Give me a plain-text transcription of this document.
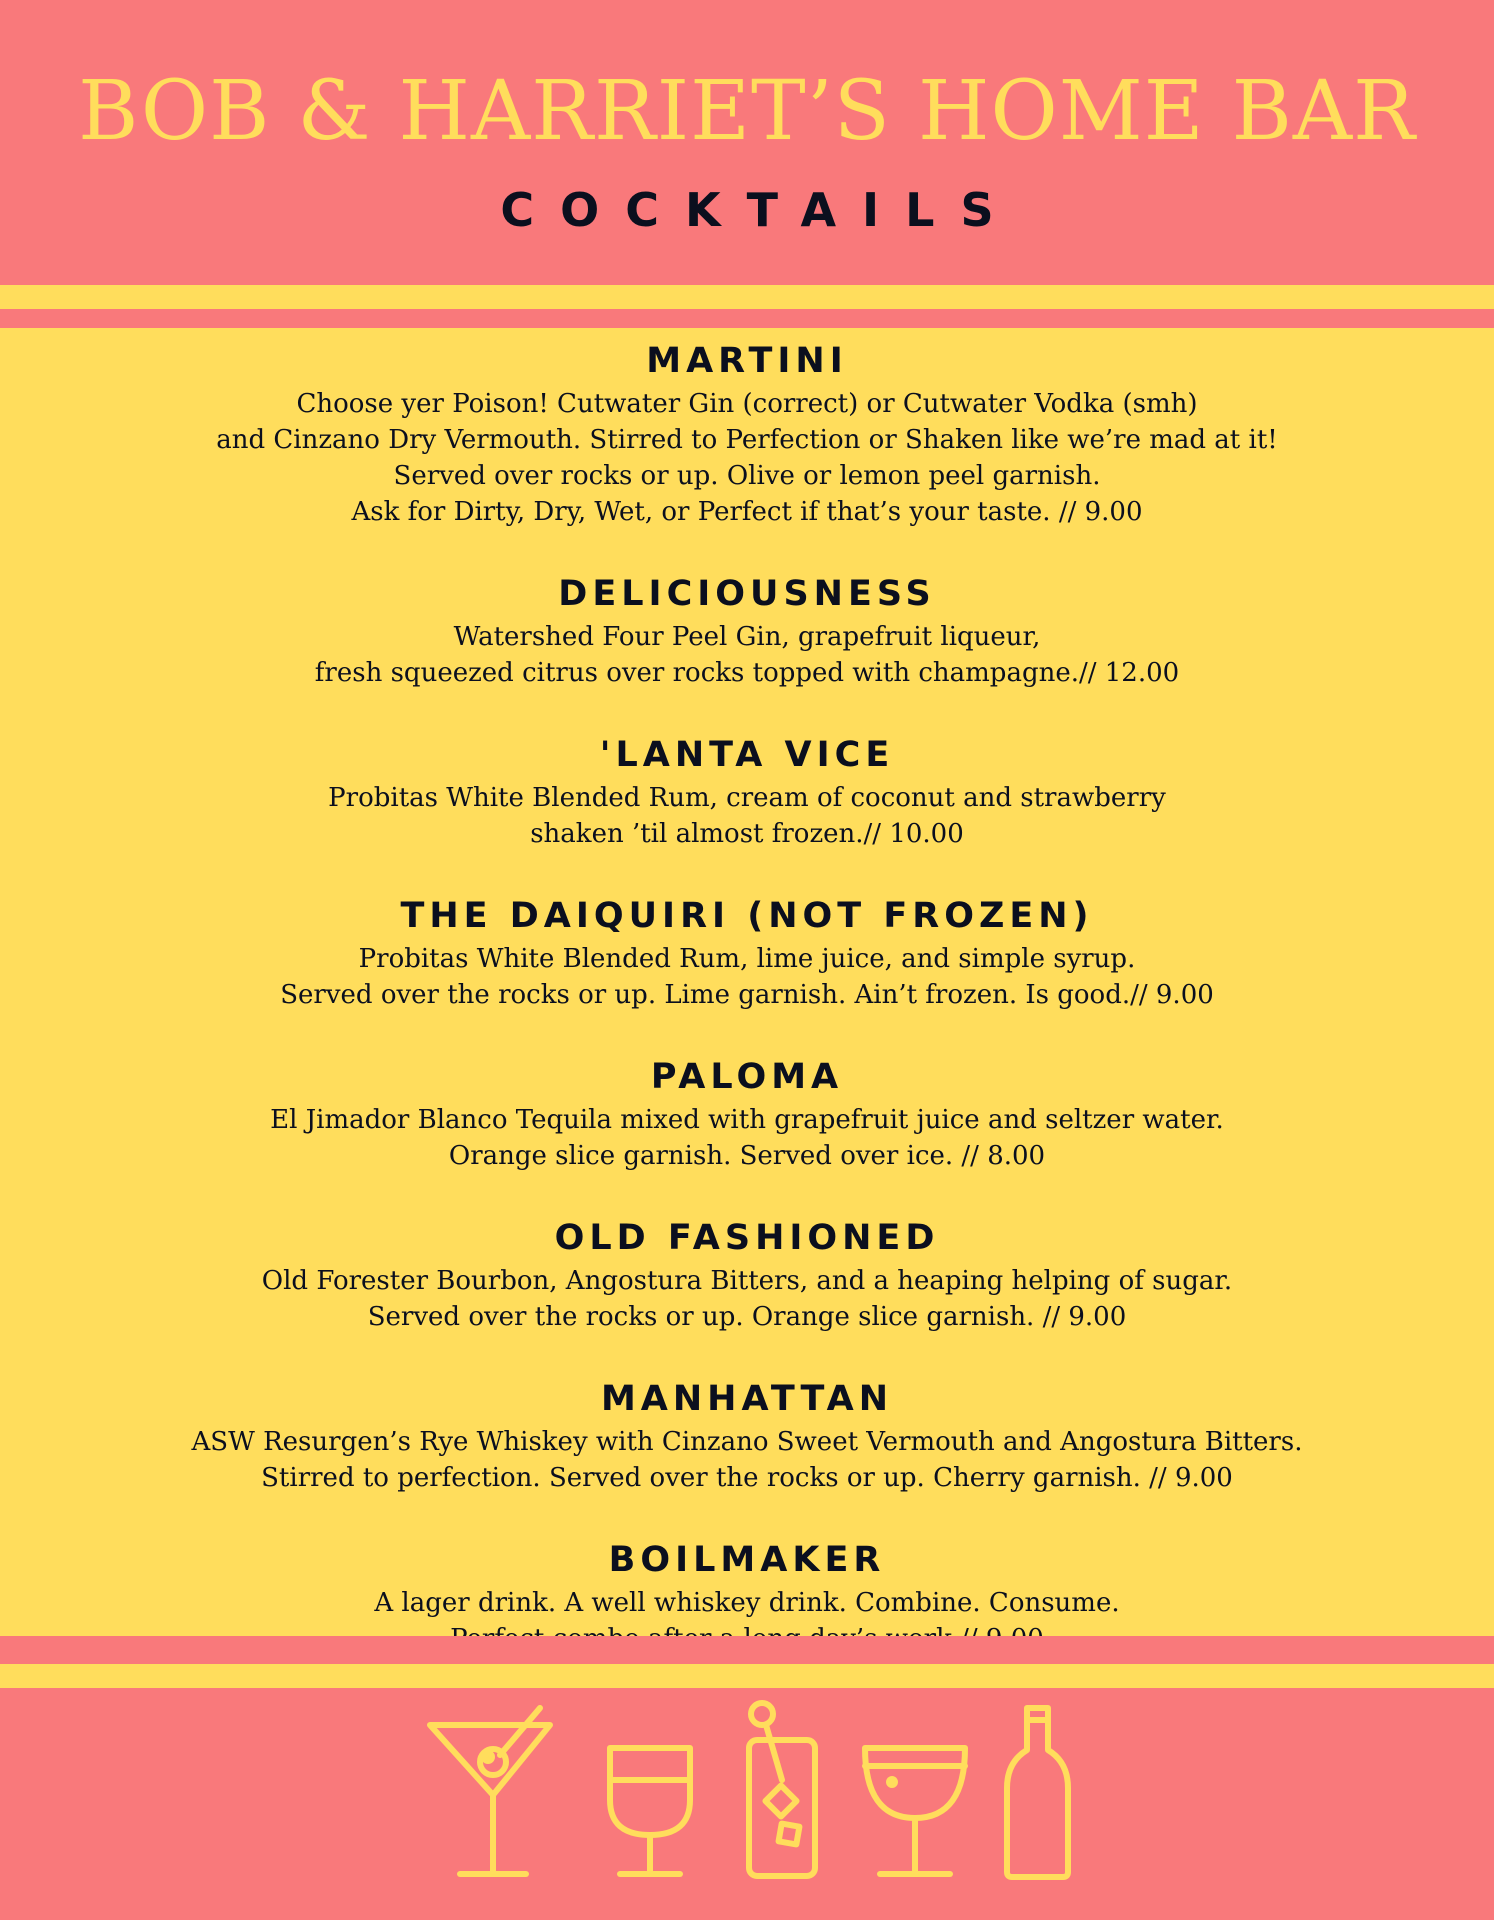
BOB & HARRIET’S HOME BAR
COCKTAILS
MARTINI
Choose yer Poison! Cutwater Gin (correct) or Cutwater Vodka (smh)
and Cinzano Dry Vermouth. Stirred to Perfection or Shaken like we’re mad at it!
Served over rocks or up. Olive or lemon peel garnish.
Ask for Dirty, Dry, Wet, or Perfect if that’s your taste. // 9.00
DELICIOUSNESS
Watershed Four Peel Gin, grapefruit liqueur,
fresh squeezed citrus over rocks topped with champagne.// 12.00
'LANTA VICE
Probitas White Blended Rum, cream of coconut and strawberry
shaken ’til almost frozen.// 10.00
THE DAIQUIRI (NOT FROZEN)
Probitas White Blended Rum, lime juice, and simple syrup.
Served over the rocks or up. Lime garnish. Ain’t frozen. Is good.// 9.00
PALOMA
El Jimador Blanco Tequila mixed with grapefruit juice and seltzer water.
Orange slice garnish. Served over ice. // 8.00
OLD FASHIONED
Old Forester Bourbon, Angostura Bitters, and a heaping helping of sugar.
Served over the rocks or up. Orange slice garnish. // 9.00
MANHATTAN
ASW Resurgen’s Rye Whiskey with Cinzano Sweet Vermouth and Angostura Bitters.
Stirred to perfection. Served over the rocks or up. Cherry garnish. // 9.00
BOILMAKER
A lager drink. A well whiskey drink. Combine. Consume.
